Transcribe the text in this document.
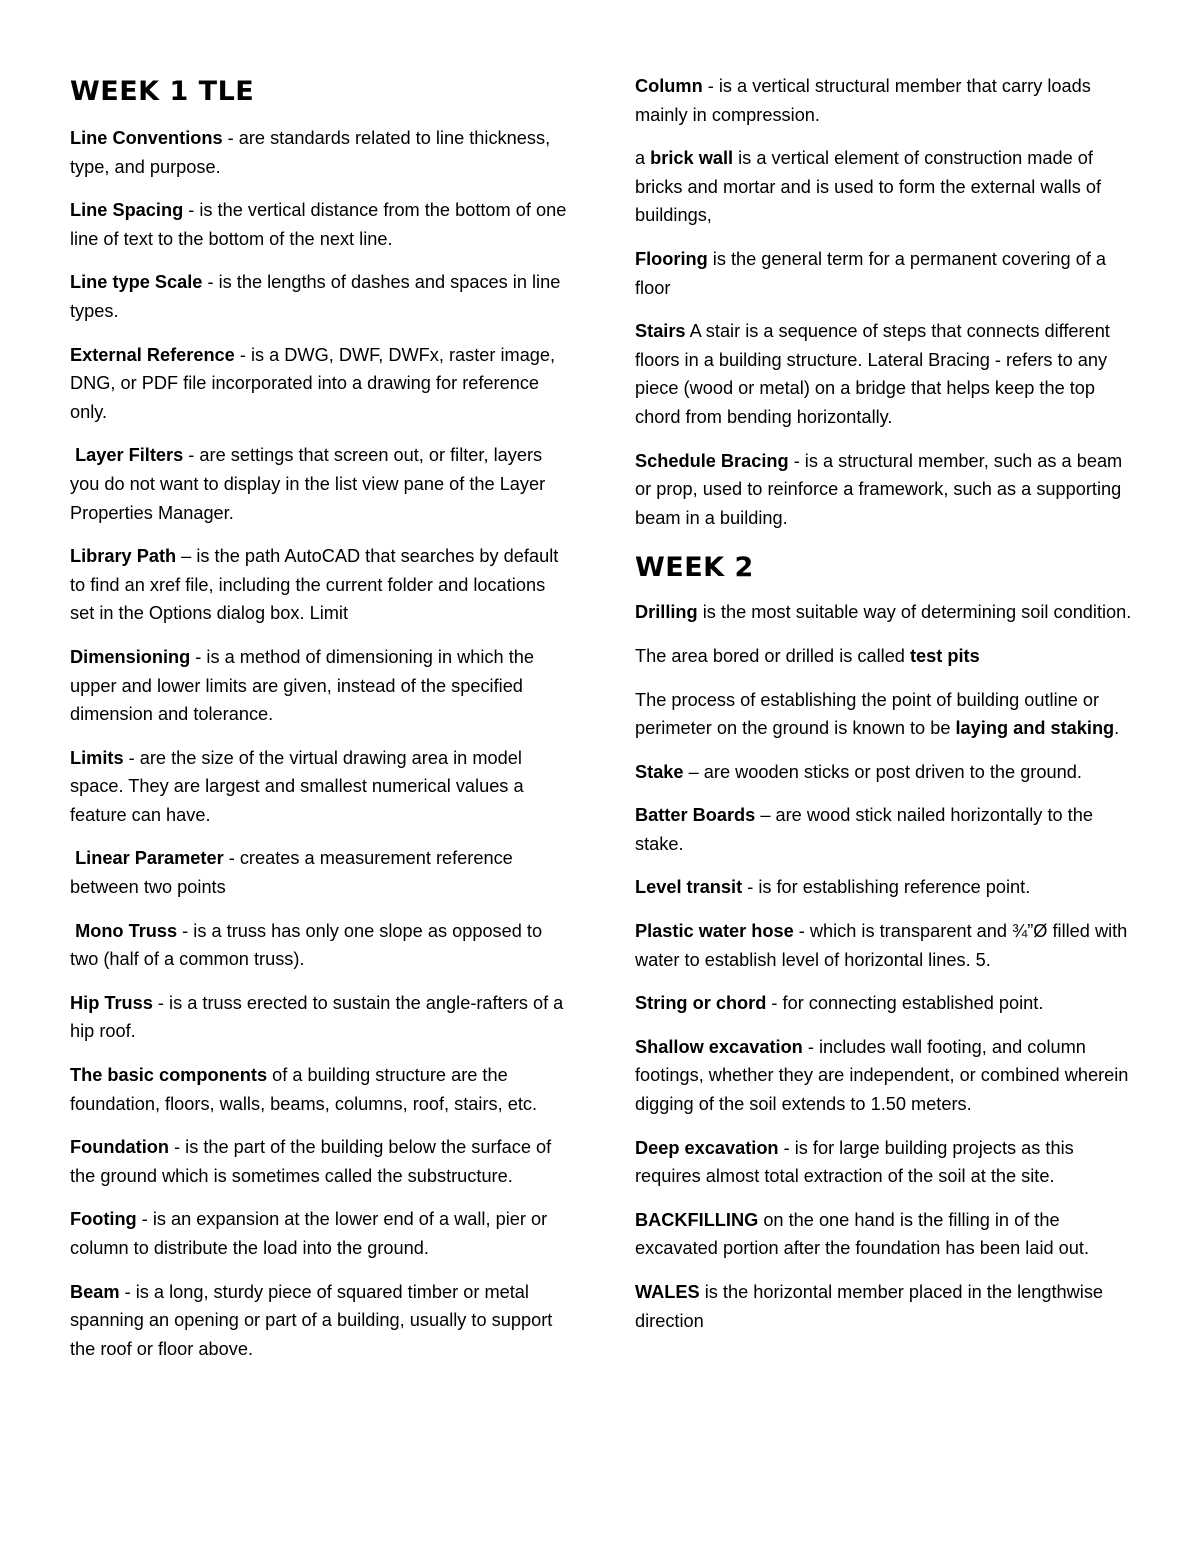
WEEK 1 TLE

Line Conventions - are standards related to line thickness, type, and purpose.

Line Spacing - is the vertical distance from the bottom of one line of text to the bottom of the next line.

Line type Scale - is the lengths of dashes and spaces in line types.

External Reference - is a DWG, DWF, DWFx, raster image, DNG, or PDF file incorporated into a drawing for reference only.

Layer Filters - are settings that screen out, or filter, layers you do not want to display in the list view pane of the Layer Properties Manager.

Library Path – is the path AutoCAD that searches by default to find an xref file, including the current folder and locations set in the Options dialog box. Limit

Dimensioning - is a method of dimensioning in which the upper and lower limits are given, instead of the specified dimension and tolerance.

Limits - are the size of the virtual drawing area in model space. They are largest and smallest numerical values a feature can have.

Linear Parameter - creates a measurement reference between two points

Mono Truss - is a truss has only one slope as opposed to two (half of a common truss).

Hip Truss - is a truss erected to sustain the angle-rafters of a hip roof.

The basic components of a building structure are the foundation, floors, walls, beams, columns, roof, stairs, etc.

Foundation - is the part of the building below the surface of the ground which is sometimes called the substructure.

Footing - is an expansion at the lower end of a wall, pier or column to distribute the load into the ground.

Beam - is a long, sturdy piece of squared timber or metal spanning an opening or part of a building, usually to support the roof or floor above.

Column - is a vertical structural member that carry loads mainly in compression.

a brick wall is a vertical element of construction made of bricks and mortar and is used to form the external walls of buildings,

Flooring is the general term for a permanent covering of a floor

Stairs A stair is a sequence of steps that connects different floors in a building structure. Lateral Bracing - refers to any piece (wood or metal) on a bridge that helps keep the top chord from bending horizontally.

Schedule Bracing - is a structural member, such as a beam or prop, used to reinforce a framework, such as a supporting beam in a building.

WEEK 2

Drilling is the most suitable way of determining soil condition.

The area bored or drilled is called test pits

The process of establishing the point of building outline or perimeter on the ground is known to be laying and staking.

Stake – are wooden sticks or post driven to the ground.

Batter Boards – are wood stick nailed horizontally to the stake.

Level transit - is for establishing reference point.

Plastic water hose - which is transparent and ¾”Ø filled with water to establish level of horizontal lines. 5.

String or chord - for connecting established point.

Shallow excavation - includes wall footing, and column footings, whether they are independent, or combined wherein digging of the soil extends to 1.50 meters.

Deep excavation - is for large building projects as this requires almost total extraction of the soil at the site.

BACKFILLING on the one hand is the filling in of the excavated portion after the foundation has been laid out.

WALES is the horizontal member placed in the lengthwise direction
